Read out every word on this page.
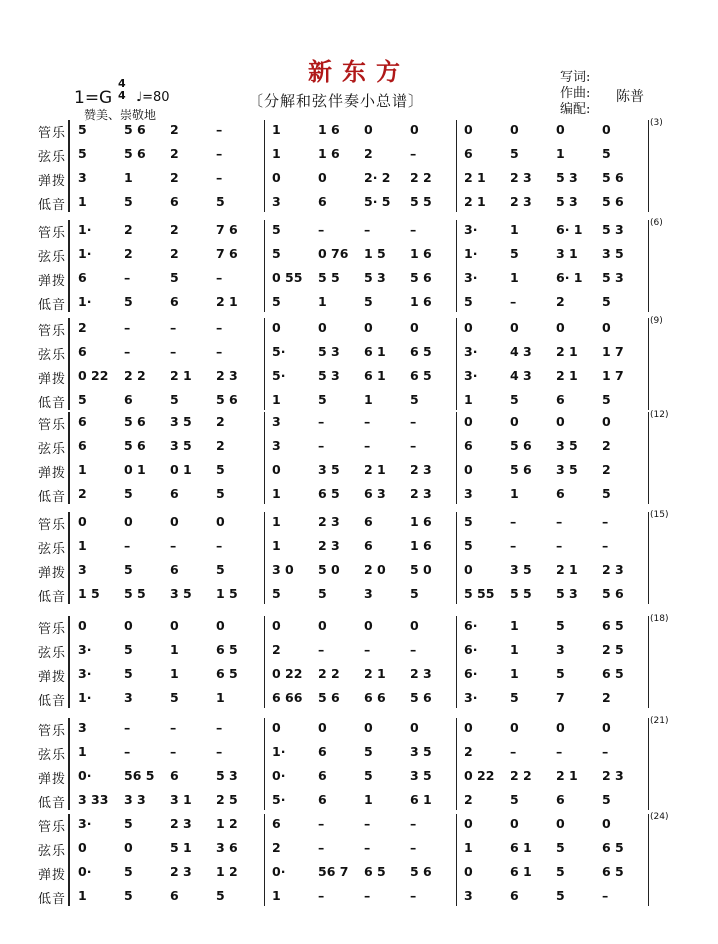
新东方
〔分解和弦伴奏小总谱〕
1=G
4
4 ♩=80
赞美、崇敬地
写词:
作曲:
编配:
陈普
(3)
管乐
弦乐
弹拨
低音
5	5 6	2	–	1	1 6	0	0	0	0	0	0
5	5 6	2	–	1	1 6	2	–	6	5	1	5
3	1	2	–	0	0	2· 2	2 2	2 1	2 3	5 3	5 6
1	5	6	5	3	6	5· 5	5 5	2 1	2 3	5 3	5 6
(6)
管乐
弦乐
弹拨
低音
1·	2	2	7 6	5	–	–	–	3·	1	6· 1	5 3
1·	2	2	7 6	5	0 76	1 5	1 6	1·	5	3 1	3 5
6	–	5	–	0 55	5 5	5 3	5 6	3·	1	6· 1	5 3
1·	5	6	2 1	5	1	5	1 6	5	–	2	5
(9)
管乐
弦乐
弹拨
低音
2	–	–	–	0	0	0	0	0	0	0	0
6	–	–	–	5·	5 3	6 1	6 5	3·	4 3	2 1	1 7
0 22	2 2	2 1	2 3	5·	5 3	6 1	6 5	3·	4 3	2 1	1 7
5	6	5	5 6	1	5	1	5	1	5	6	5
(12)
管乐
弦乐
弹拨
低音
6	5 6	3 5	2	3	–	–	–	0	0	0	0
6	5 6	3 5	2	3	–	–	–	6	5 6	3 5	2
1	0 1	0 1	5	0	3 5	2 1	2 3	0	5 6	3 5	2
2	5	6	5	1	6 5	6 3	2 3	3	1	6	5
(15)
管乐
弦乐
弹拨
低音
0	0	0	0	1	2 3	6	1 6	5	–	–	–
1	–	–	–	1	2 3	6	1 6	5	–	–	–
3	5	6	5	3 0	5 0	2 0	5 0	0	3 5	2 1	2 3
1 5	5 5	3 5	1 5	5	5	3	5	5 55	5 5	5 3	5 6
(18)
管乐
弦乐
弹拨
低音
0	0	0	0	0	0	0	0	6·	1	5	6 5
3·	5	1	6 5	2	–	–	–	6·	1	3	2 5
3·	5	1	6 5	0 22	2 2	2 1	2 3	6·	1	5	6 5
1·	3	5	1	6 66	5 6	6 6	5 6	3·	5	7	2
(21)
管乐
弦乐
弹拨
低音
3	–	–	–	0	0	0	0	0	0	0	0
1	–	–	–	1·	6	5	3 5	2	–	–	–
0·	56 5	6	5 3	0·	6	5	3 5	0 22	2 2	2 1	2 3
3 33	3 3	3 1	2 5	5·	6	1	6 1	2	5	6	5
(24)
管乐
弦乐
弹拨
低音
3·	5	2 3	1 2	6	–	–	–	0	0	0	0
0	0	5 1	3 6	2	–	–	–	1	6 1	5	6 5
0·	5	2 3	1 2	0·	56 7	6 5	5 6	0	6 1	5	6 5
1	5	6	5	1	–	–	–	3	6	5	–
